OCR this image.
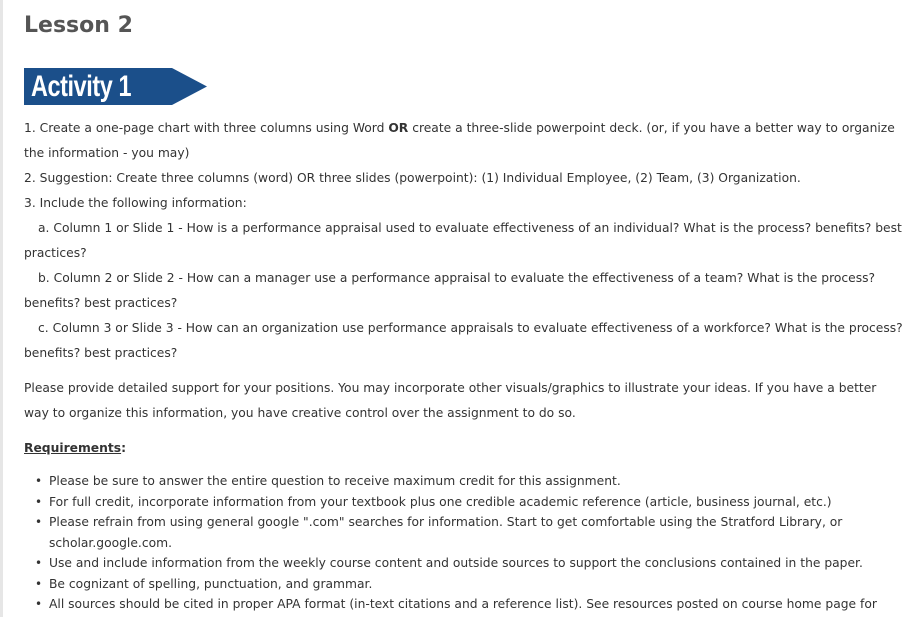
Lesson 2
Activity 1

1. Create a one-page chart with three columns using Word OR create a three-slide powerpoint deck. (or, if you have a better way to organize the information - you may)

2. Suggestion: Create three columns (word) OR three slides (powerpoint): (1) Individual Employee, (2) Team, (3) Organization.

3. Include the following information:

a. Column 1 or Slide 1 - How is a performance appraisal used to evaluate effectiveness of an individual? What is the process? benefits? best practices?

b. Column 2 or Slide 2 - How can a manager use a performance appraisal to evaluate the effectiveness of a team? What is the process? benefits? best practices?

c. Column 3 or Slide 3 - How can an organization use performance appraisals to evaluate effectiveness of a workforce? What is the process? benefits? best practices?

Please provide detailed support for your positions. You may incorporate other visuals/graphics to illustrate your ideas. If you have a better way to organize this information, you have creative control over the assignment to do so.

Requirements:

• Please be sure to answer the entire question to receive maximum credit for this assignment.
• For full credit, incorporate information from your textbook plus one credible academic reference (article, business journal, etc.)
• Please refrain from using general google ".com" searches for information. Start to get comfortable using the Stratford Library, or scholar.google.com.
• Use and include information from the weekly course content and outside sources to support the conclusions contained in the paper.
• Be cognizant of spelling, punctuation, and grammar.
• All sources should be cited in proper APA format (in-text citations and a reference list). See resources posted on course home page for
